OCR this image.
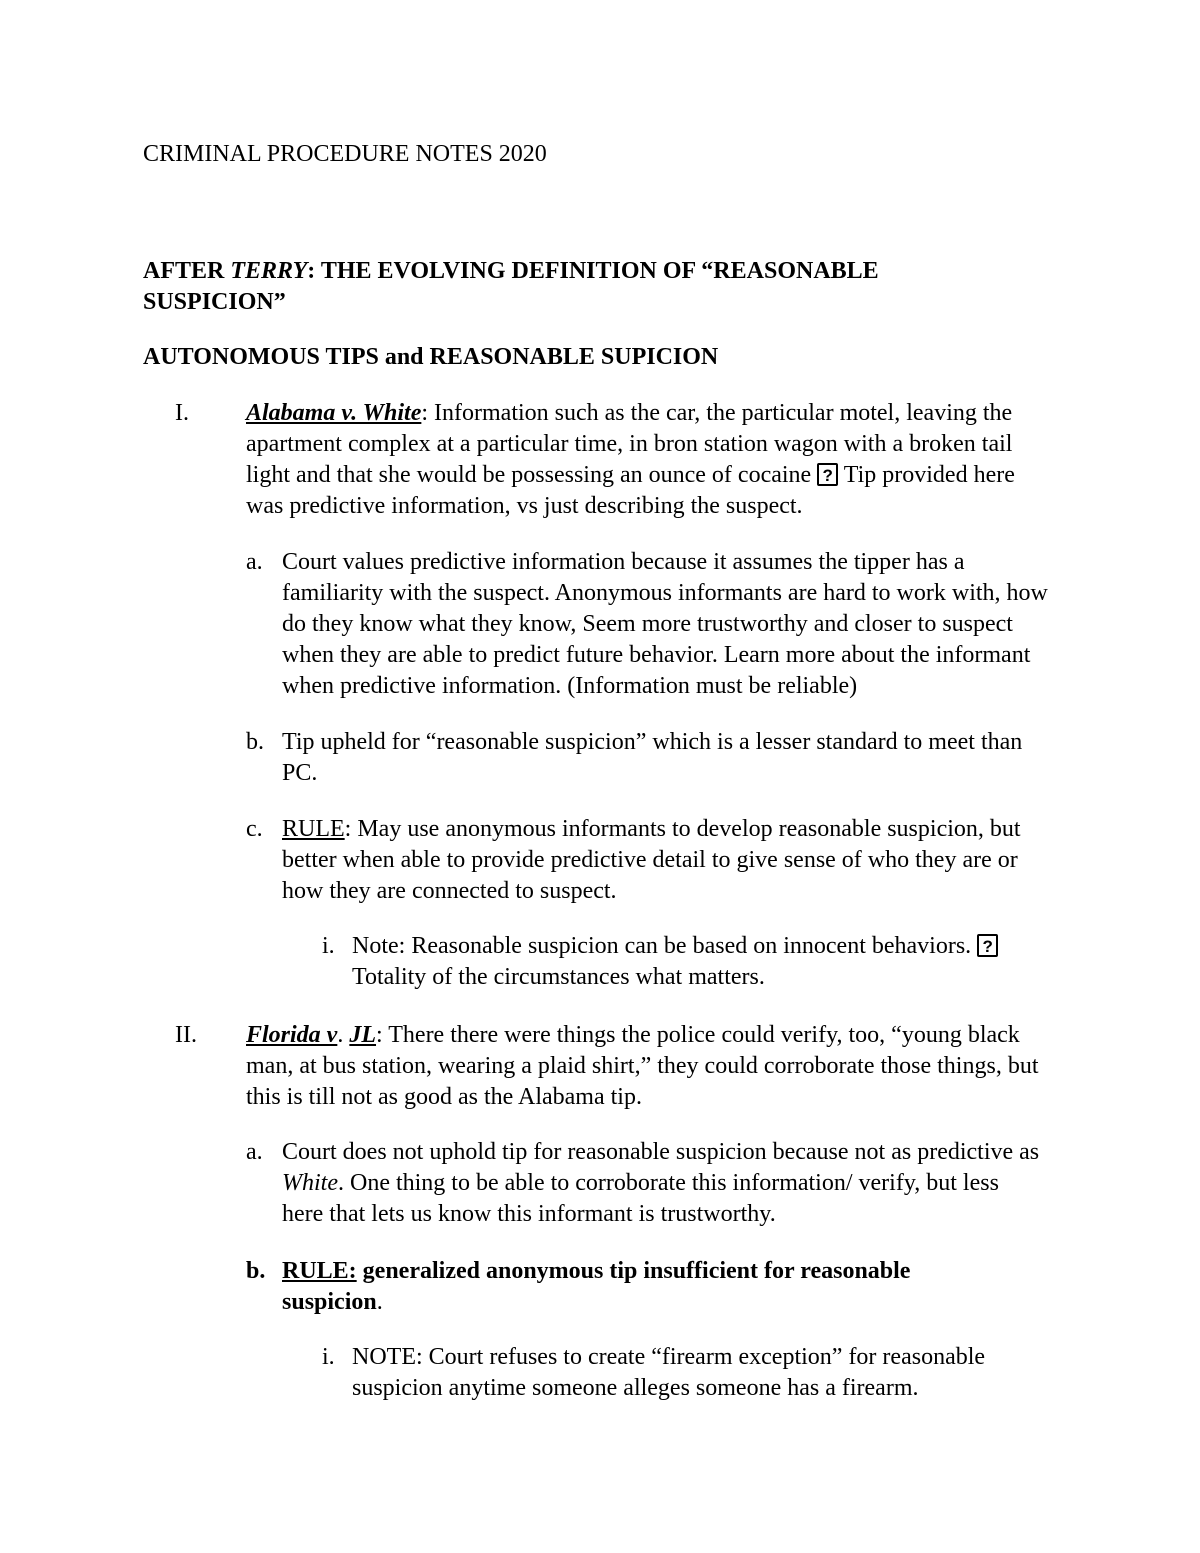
CRIMINAL PROCEDURE NOTES 2020
AFTER TERRY: THE EVOLVING DEFINITION OF “REASONABLE SUSPICION”
AUTONOMOUS TIPS and REASONABLE SUPICION
I.	Alabama v. White: Information such as the car, the particular motel, leaving the apartment complex at a particular time, in bron station wagon with a broken tail light and that she would be possessing an ounce of cocaine ? Tip provided here was predictive information, vs just describing the suspect.
a. Court values predictive information because it assumes the tipper has a familiarity with the suspect. Anonymous informants are hard to work with, how do they know what they know, Seem more trustworthy and closer to suspect when they are able to predict future behavior. Learn more about the informant when predictive information. (Information must be reliable)
b. Tip upheld for “reasonable suspicion” which is a lesser standard to meet than PC.
c. RULE: May use anonymous informants to develop reasonable suspicion, but better when able to provide predictive detail to give sense of who they are or how they are connected to suspect.
i. Note: Reasonable suspicion can be based on innocent behaviors. ? Totality of the circumstances what matters.
II.	Florida v. JL: There there were things the police could verify, too, “young black man, at bus station, wearing a plaid shirt,” they could corroborate those things, but this is till not as good as the Alabama tip.
a. Court does not uphold tip for reasonable suspicion because not as predictive as White. One thing to be able to corroborate this information/ verify, but less here that lets us know this informant is trustworthy.
b. RULE: generalized anonymous tip insufficient for reasonable suspicion.
i. NOTE: Court refuses to create “firearm exception” for reasonable suspicion anytime someone alleges someone has a firearm.
